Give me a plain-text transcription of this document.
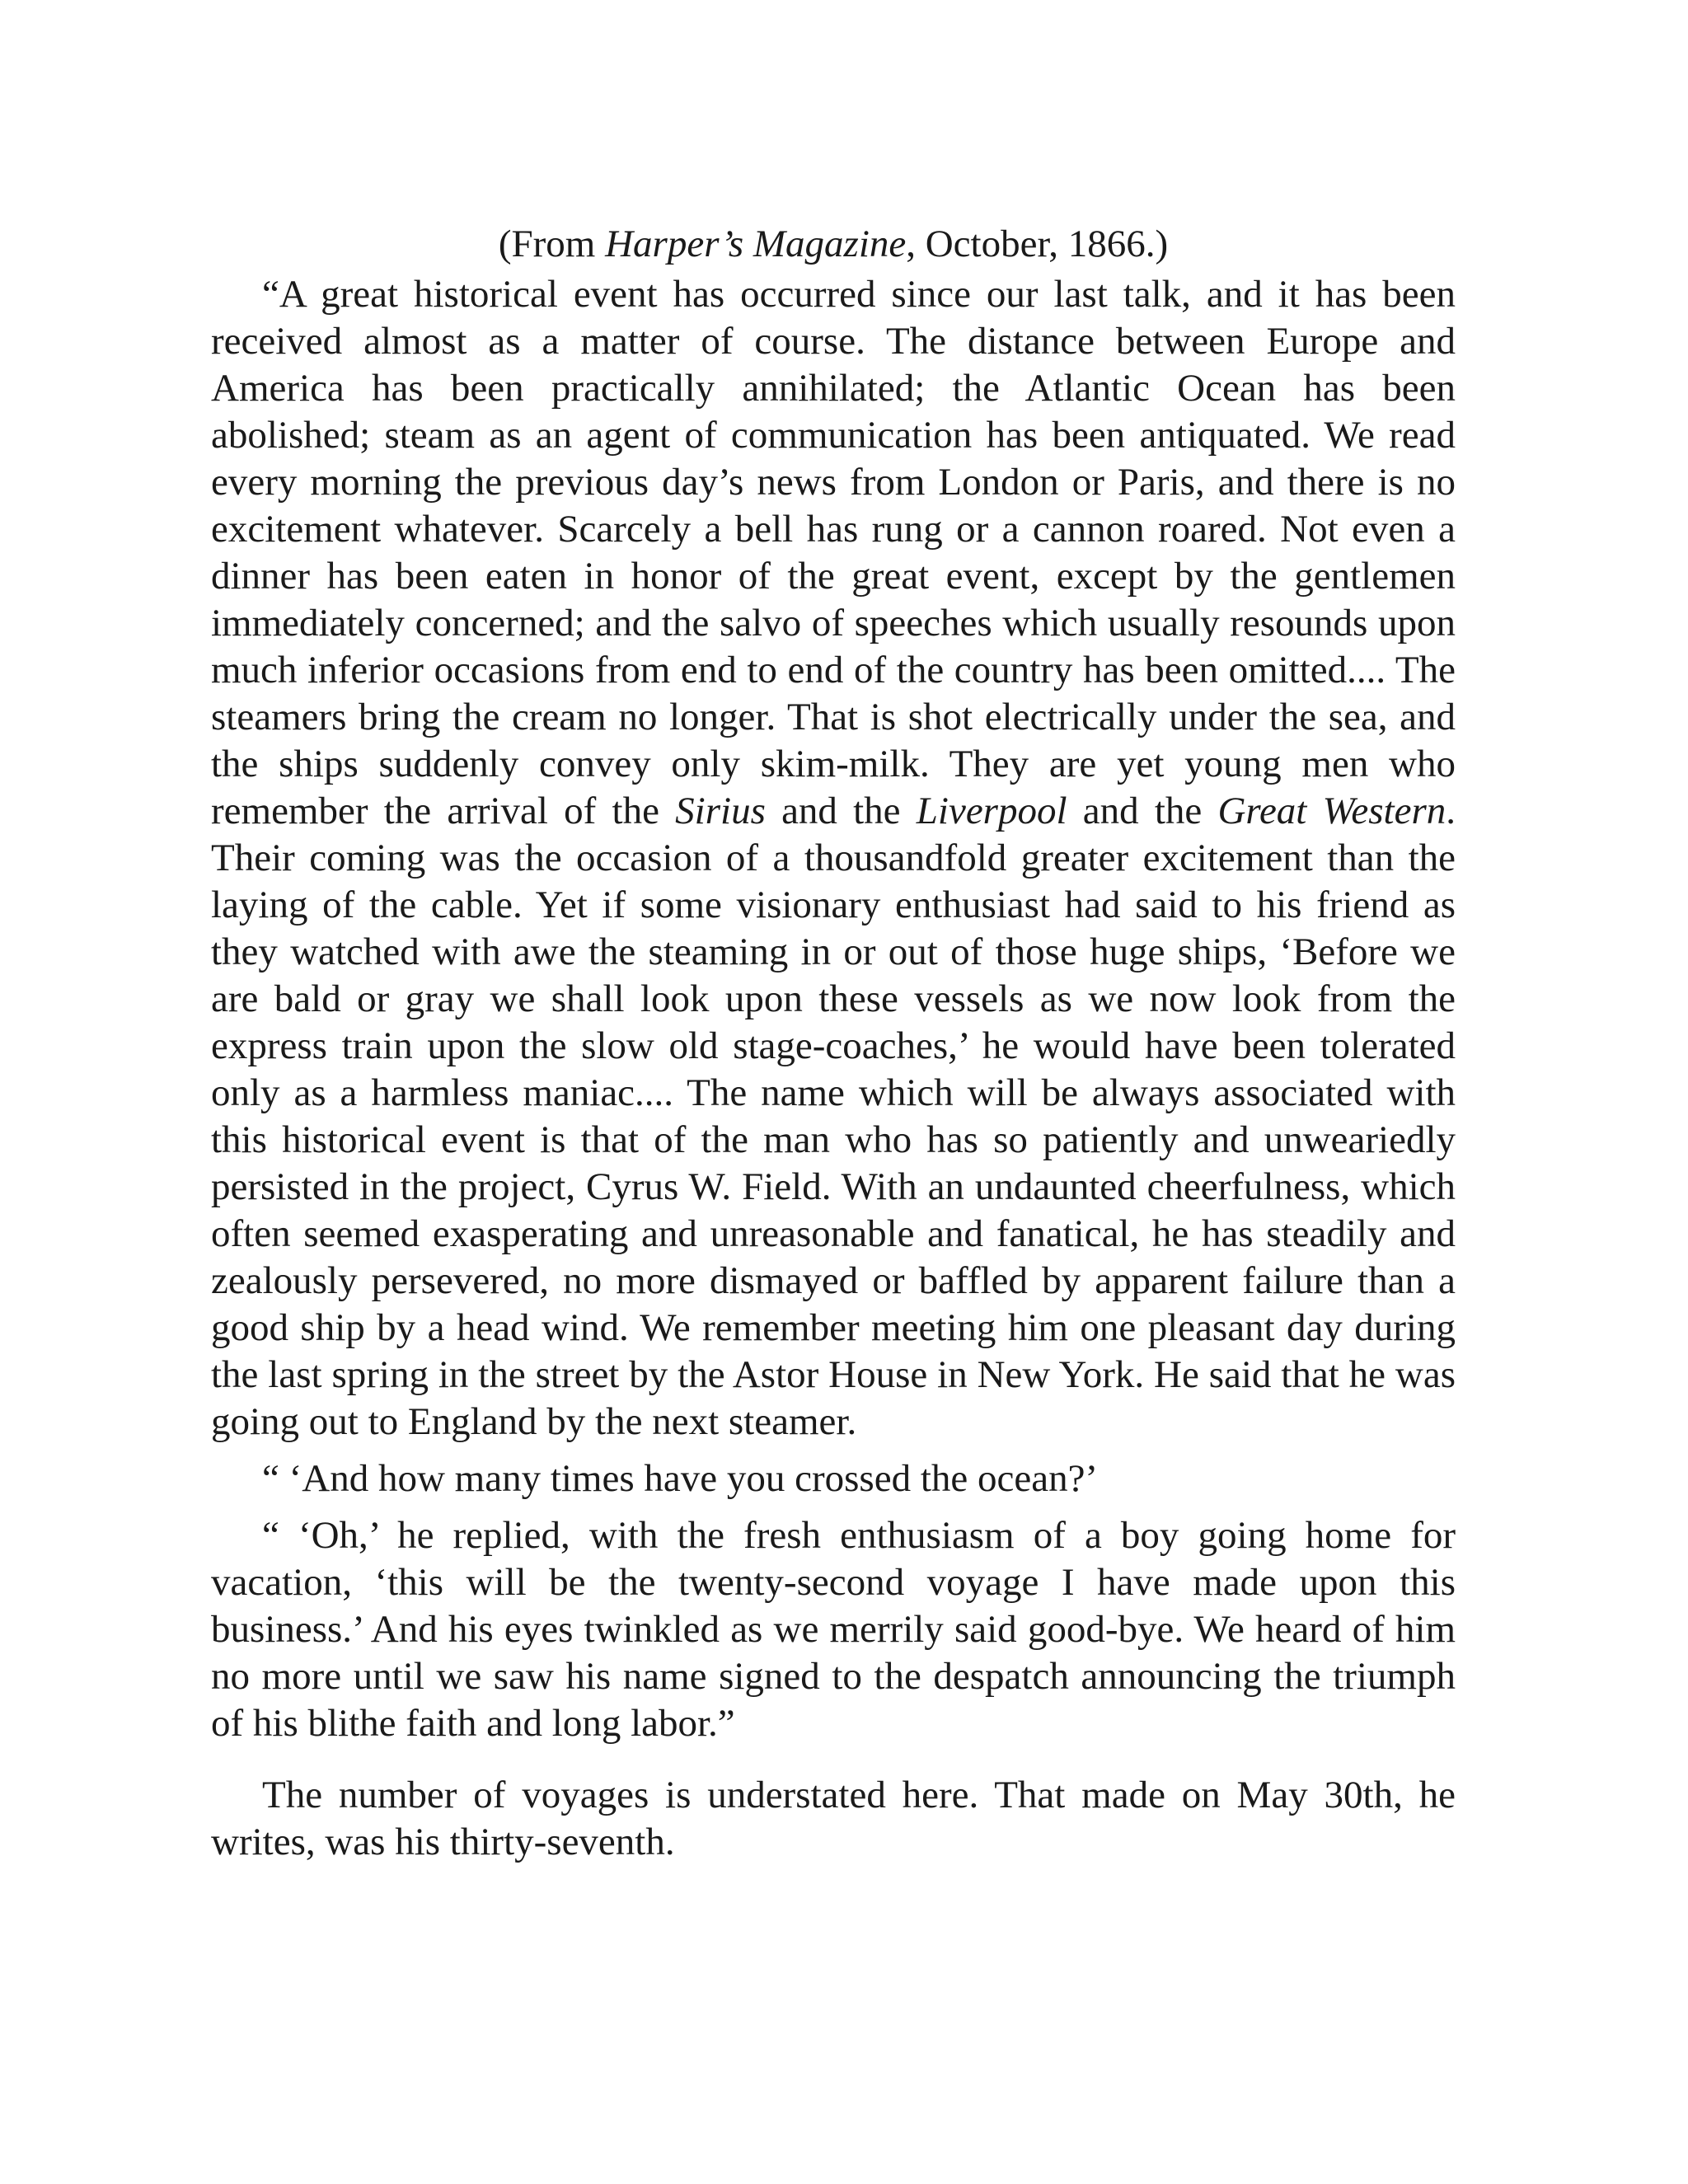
(From Harper’s Magazine, October, 1866.)

“A great historical event has occurred since our last talk, and it has been received almost as a matter of course. The distance between Europe and America has been practically annihilated; the Atlantic Ocean has been abolished; steam as an agent of communication has been antiquated. We read every morning the previous day’s news from London or Paris, and there is no excitement whatever. Scarcely a bell has rung or a cannon roared. Not even a dinner has been eaten in honor of the great event, except by the gentlemen immediately concerned; and the salvo of speeches which usually resounds upon much inferior occasions from end to end of the country has been omitted.... The steamers bring the cream no longer. That is shot electrically under the sea, and the ships suddenly convey only skim-milk. They are yet young men who remember the arrival of the Sirius and the Liverpool and the Great Western. Their coming was the occasion of a thousandfold greater excitement than the laying of the cable. Yet if some visionary enthusiast had said to his friend as they watched with awe the steaming in or out of those huge ships, ‘Before we are bald or gray we shall look upon these vessels as we now look from the express train upon the slow old stage-coaches,’ he would have been tolerated only as a harmless maniac.... The name which will be always associated with this historical event is that of the man who has so patiently and unweariedly persisted in the project, Cyrus W. Field. With an undaunted cheerfulness, which often seemed exasperating and unreasonable and fanatical, he has steadily and zealously persevered, no more dismayed or baffled by apparent failure than a good ship by a head wind. We remember meeting him one pleasant day during the last spring in the street by the Astor House in New York. He said that he was going out to England by the next steamer.

“ ‘And how many times have you crossed the ocean?’

“ ‘Oh,’ he replied, with the fresh enthusiasm of a boy going home for vacation, ‘this will be the twenty-second voyage I have made upon this business.’ And his eyes twinkled as we merrily said good-bye. We heard of him no more until we saw his name signed to the despatch announcing the triumph of his blithe faith and long labor.”

The number of voyages is understated here. That made on May 30th, he writes, was his thirty-seventh.
